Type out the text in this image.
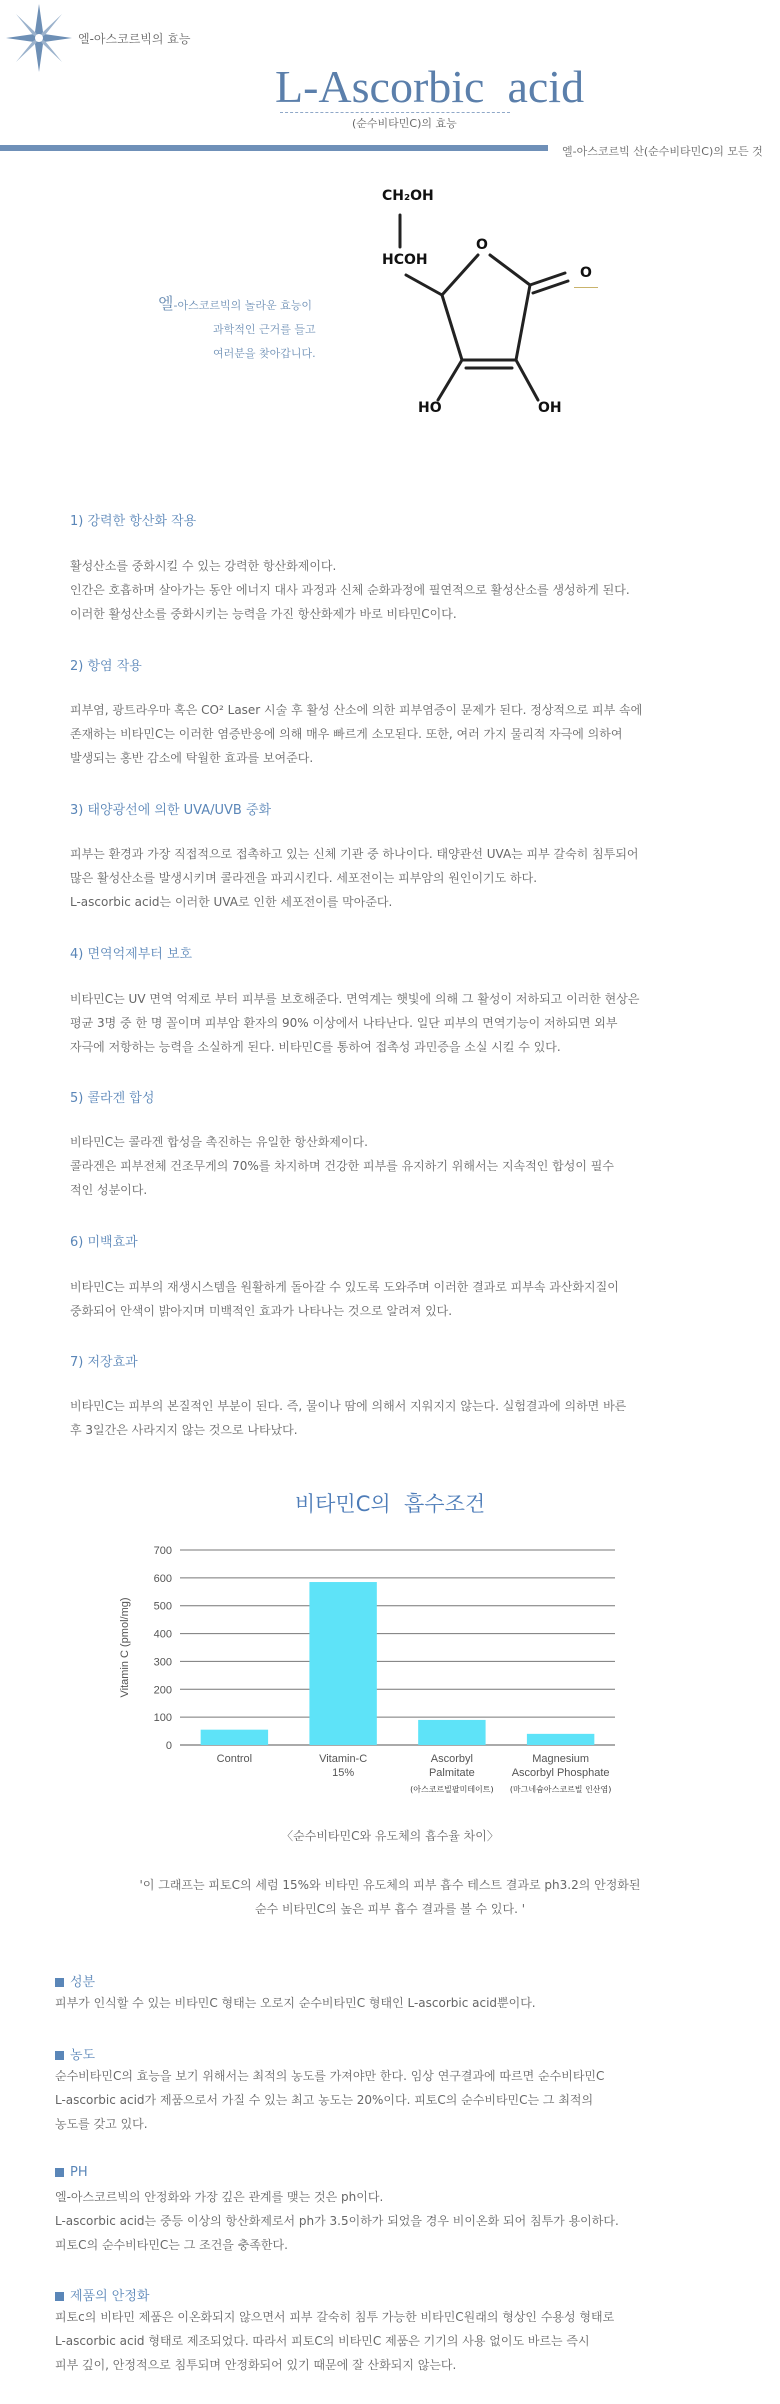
엘-아스코르빅의 효능
L-Ascorbic  acid
(순수비타민C)의 효능
엘-아스코르빅 산(순수비타민C)의 모든 것
엘-아스코르빅의 놀라운 효능이
과학적인 근거를 들고
여러분을 찾아갑니다.
CH₂OH
HCOH
O
O
HO	OH
1) 강력한 항산화 작용

활성산소를 중화시킬 수 있는 강력한 항산화제이다.

인간은 호흡하며 살아가는 동안 에너지 대사 과정과 신체 순화과정에 필연적으로 활성산소를 생성하게 된다.

이러한 활성산소를 중화시키는 능력을 가진 항산화제가 바로 비타민C이다.

2) 항염 작용

피부염, 광트라우마 혹은 CO² Laser 시술 후 활성 산소에 의한 피부염증이 문제가 된다. 정상적으로 피부 속에

존재하는 비타민C는 이러한 염증반응에 의해 매우 빠르게 소모된다. 또한, 여러 가지 물리적 자극에 의하여

발생되는 홍반 감소에 탁월한 효과를 보여준다.

3) 태양광선에 의한 UVA/UVB 중화

피부는 환경과 가장 직접적으로 접촉하고 있는 신체 기관 중 하나이다. 태양관선 UVA는 피부 갈숙히 침투되어

많은 활성산소를 발생시키며 콜라겐을 파괴시킨다. 세포전이는 피부암의 원인이기도 하다.

L-ascorbic acid는 이러한 UVA로 인한 세포전이를 막아준다.

4) 면역억제부터 보호

비타민C는 UV 면역 억제로 부터 피부를 보호해준다. 면역계는 햇빛에 의해 그 활성이 저하되고 이러한 현상은

평균 3명 중 한 명 꼴이며 피부암 환자의 90% 이상에서 나타난다. 일단 피부의 면역기능이 저하되면 외부

자극에 저항하는 능력을 소실하게 된다. 비타민C를 통하여 접촉성 과민증을 소실 시킬 수 있다.

5) 콜라겐 합성

비타민C는 콜라겐 합성을 촉진하는 유일한 항산화제이다.

콜라겐은 피부전체 건조무게의 70%를 차지하며 건강한 피부를 유지하기 위해서는 지속적인 합성이 필수

적인 성분이다.

6) 미백효과

비타민C는 피부의 재생시스템을 원활하게 돌아갈 수 있도록 도와주며 이러한 결과로 피부속 과산화지질이

중화되어 안색이 밝아지며 미백적인 효과가 나타나는 것으로 알려져 있다.

7) 저장효과

비타민C는 피부의 본질적인 부분이 된다. 즉, 물이나 땀에 의해서 지워지지 않는다. 실험결과에 의하면 바른

후 3일간은 사라지지 않는 것으로 나타났다.

비타민C의  흡수조건
0
100
200
300
400
500
600
700
Vitamin C (pmol/mg)
Control	Vitamin-C
15%
Ascorbyl
Palmitate
(아스코르빌팔미테이트)
Magnesium
Ascorbyl Phosphate
(마그네슘아스코르빌 인산염)
〈순수비타민C와 유도체의 흡수율 차이〉
'이 그래프는 피토C의 세럼 15%와 비타민 유도체의 피부 흡수 테스트 결과로 ph3.2의 안정화된
순수 비타민C의 높은 피부 흡수 결과를 볼 수 있다. '
성분

피부가 인식할 수 있는 비타민C 형태는 오로지 순수비타민C 형태인 L-ascorbic acid뿐이다.

농도

순수비타민C의 효능을 보기 위해서는 최적의 농도를 가져야만 한다. 임상 연구결과에 따르면 순수비타민C

L-ascorbic acid가 제품으로서 가질 수 있는 최고 농도는 20%이다. 피토C의 순수비타민C는 그 최적의

농도를 갖고 있다.

PH

엘-아스코르빅의 안정화와 가장 깊은 관계를 맺는 것은 ph이다.

L-ascorbic acid는 중등 이상의 항산화제로서 ph가 3.5이하가 되었을 경우 비이온화 되어 침투가 용이하다.

피토C의 순수비타민C는 그 조건을 충족한다.

제품의 안정화

피토c의 비타민 제품은 이온화되지 않으면서 피부 갈숙히 침투 가능한 비타민C원래의 형상인 수용성 형태로

L-ascorbic acid 형태로 제조되었다. 따라서 피토C의 비타민C 제품은 기기의 사용 없이도 바르는 즉시

피부 깊이, 안정적으로 침투되며 안정화되어 있기 때문에 잘 산화되지 않는다.
